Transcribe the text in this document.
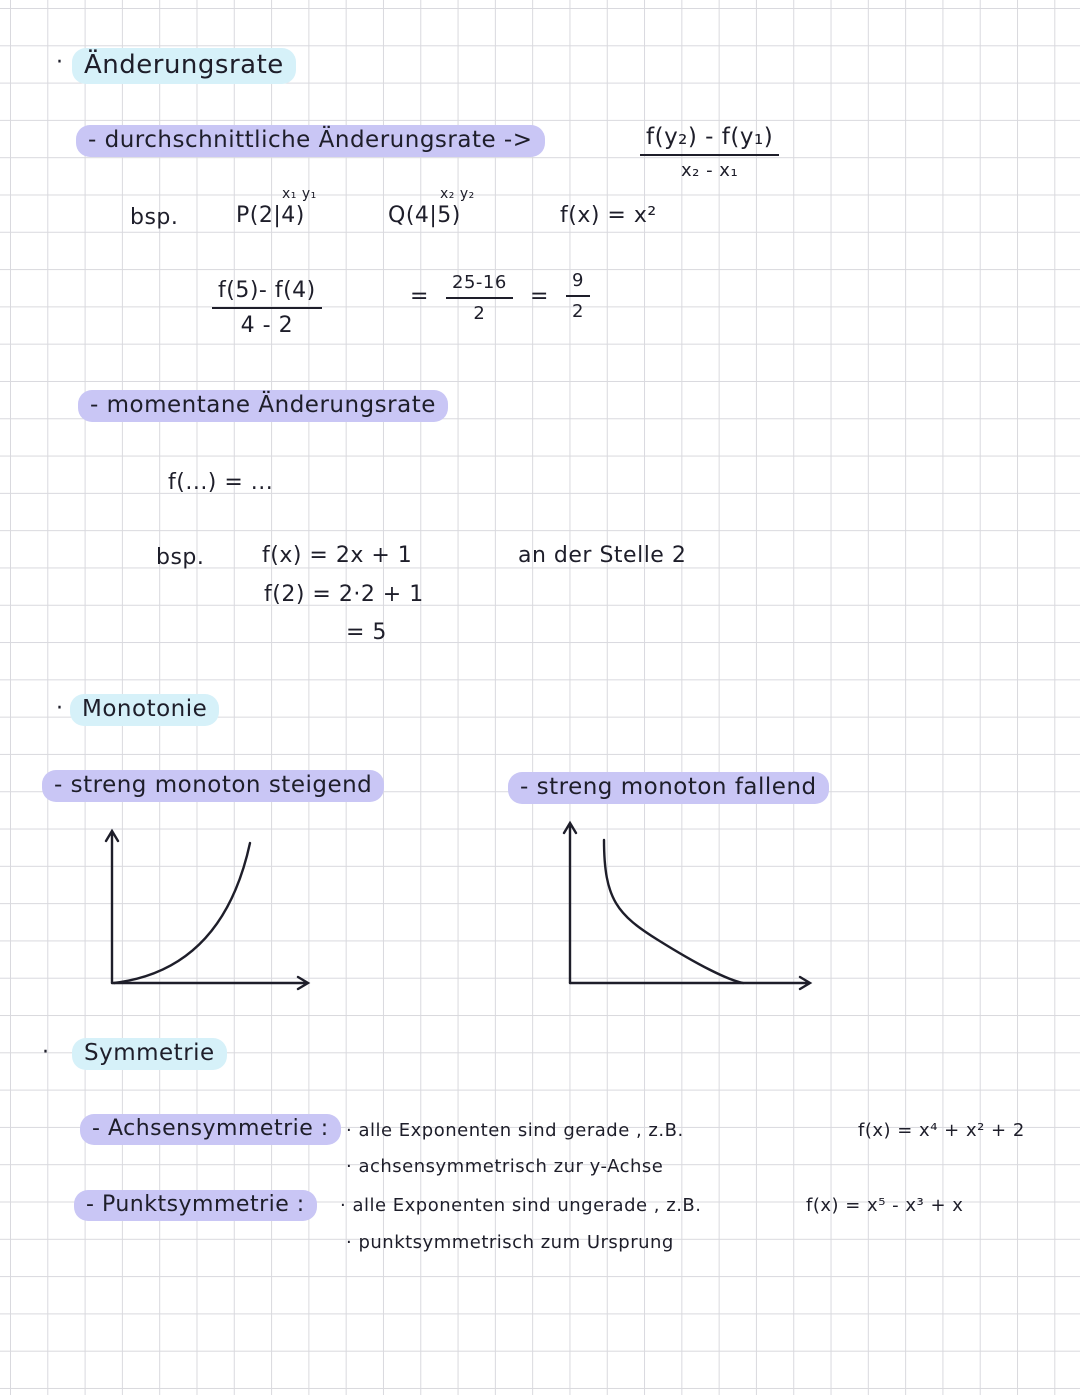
· Änderungsrate
- durchschnittliche Änderungsrate ->	$\frac{\text{f(y₂) - f(y₁)}}{\text{x₂ - x₁}}$
bsp.
x₁ y₁
P(2|4)
x₂ y₂
Q(4|5)	f(x) = x²
$\frac{f(5)- f(4)}{4 - 2}$	= $\frac{25-16}{2} = \frac{9}{2}$
- momentane Änderungsrate
f(...) = ...
bsp.	f(x) = 2x + 1	an der Stelle 2
f(2) = 2·2 + 1
= 5
· Monotonie
- streng monoton steigend	- streng monoton fallend
·	Symmetrie
- Achsensymmetrie : · alle Exponenten sind gerade , z.B.	f(x) = x⁴ + x² + 2
· achsensymmetrisch zur y-Achse
- Punktsymmetrie :	· alle Exponenten sind ungerade , z.B.	f(x) = x⁵ - x³ + x
· punktsymmetrisch zum Ursprung
